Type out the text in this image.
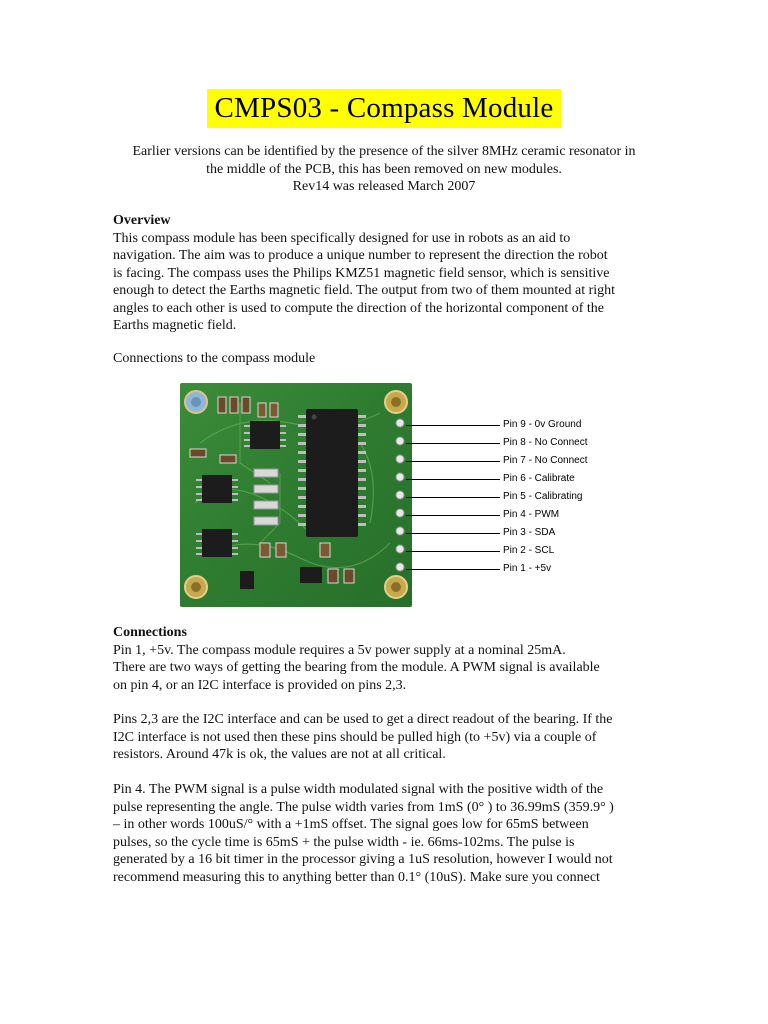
CMPS03 - Compass Module
Earlier versions can be identified by the presence of the silver 8MHz ceramic resonator in
the middle of the PCB, this has been removed on new modules.
Rev14 was released March 2007
Overview
This compass module has been specifically designed for use in robots as an aid to
navigation. The aim was to produce a unique number to represent the direction the robot
is facing. The compass uses the Philips KMZ51 magnetic field sensor, which is sensitive
enough to detect the Earths magnetic field. The output from two of them mounted at right
angles to each other is used to compute the direction of the horizontal component of the
Earths magnetic field.
Connections to the compass module
Pin 9 - 0v Ground
Pin 8 - No Connect
Pin 7 - No Connect
Pin 6 - Calibrate
Pin 5 - Calibrating
Pin 4 - PWM
Pin 3 - SDA
Pin 2 - SCL
Pin 1 - +5v
Connections
Pin 1, +5v. The compass module requires a 5v power supply at a nominal 25mA.
There are two ways of getting the bearing from the module. A PWM signal is available
on pin 4, or an I2C interface is provided on pins 2,3.
Pins 2,3 are the I2C interface and can be used to get a direct readout of the bearing. If the
I2C interface is not used then these pins should be pulled high (to +5v) via a couple of
resistors. Around 47k is ok, the values are not at all critical.
Pin 4. The PWM signal is a pulse width modulated signal with the positive width of the
pulse representing the angle. The pulse width varies from 1mS (0° ) to 36.99mS (359.9° )
– in other words 100uS/° with a +1mS offset. The signal goes low for 65mS between
pulses, so the cycle time is 65mS + the pulse width - ie. 66ms-102ms. The pulse is
generated by a 16 bit timer in the processor giving a 1uS resolution, however I would not
recommend measuring this to anything better than 0.1° (10uS). Make sure you connect
